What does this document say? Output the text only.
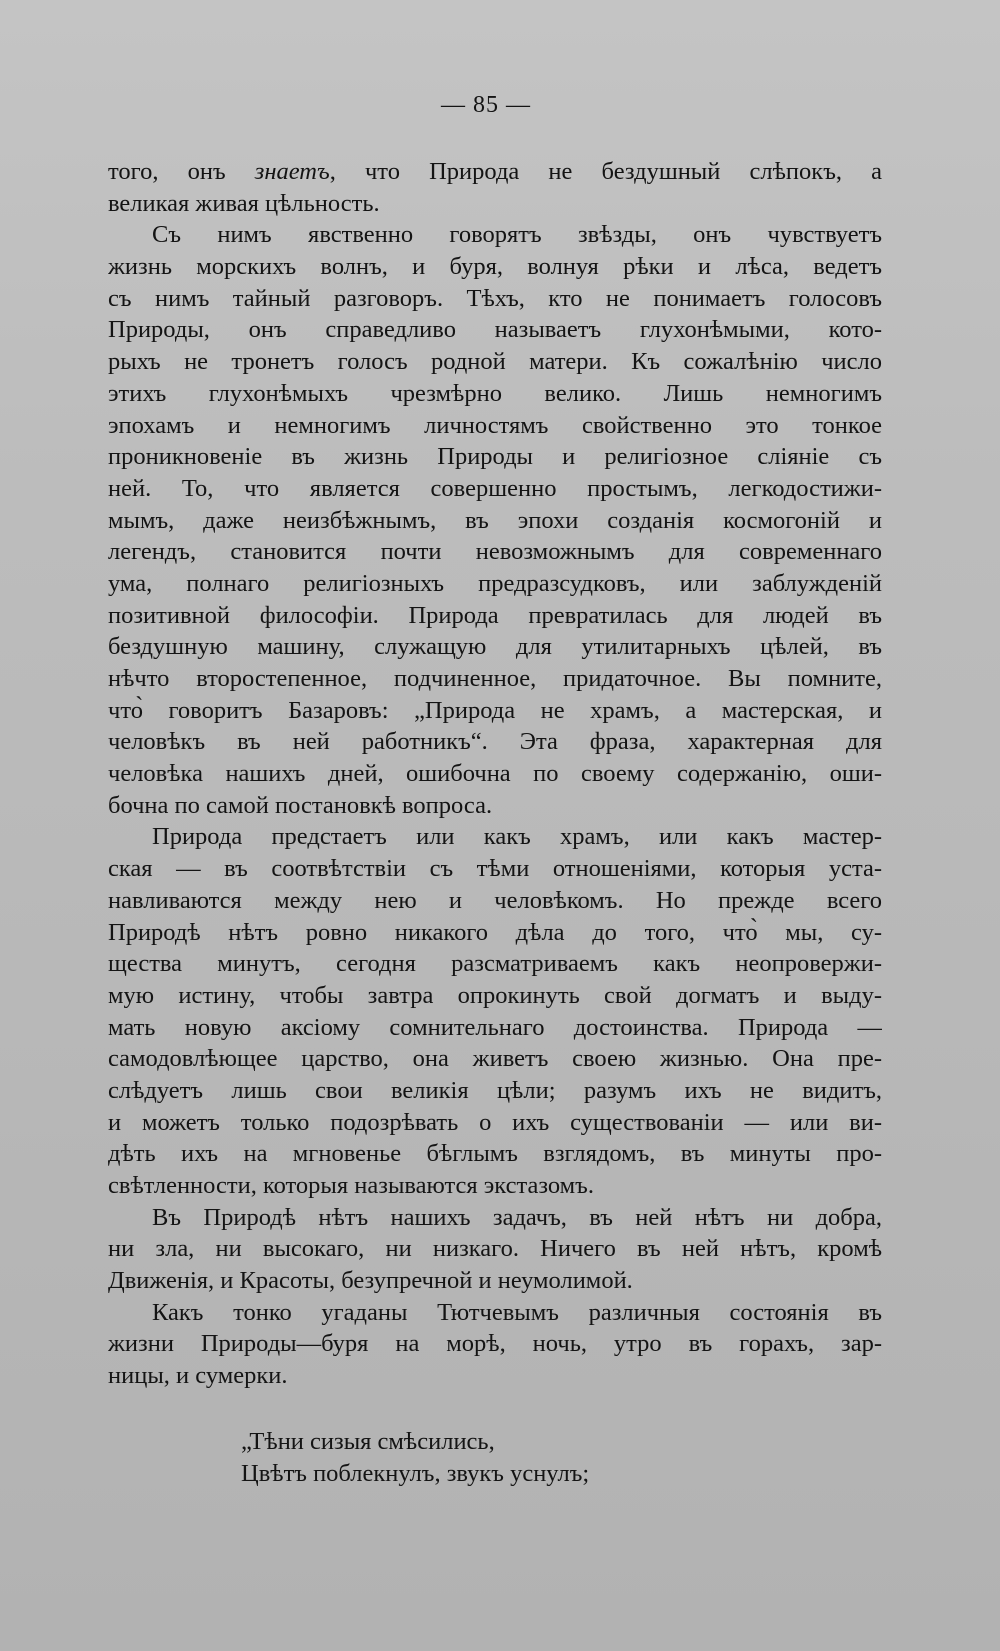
— 85 —
того, онъ знаетъ, что Природа не бездушный слѣпокъ, а
великая живая цѣльность.
Съ нимъ явственно говорятъ звѣзды, онъ чувствуетъ
жизнь морскихъ волнъ, и буря, волнуя рѣки и лѣса, ведетъ
съ нимъ тайный разговоръ. Тѣхъ, кто не понимаетъ голосовъ
Природы, онъ справедливо называетъ глухонѣмыми, кото-
рыхъ не тронетъ голосъ родной матери. Къ сожалѣнію число
этихъ глухонѣмыхъ чрезмѣрно велико. Лишь немногимъ
эпохамъ и немногимъ личностямъ свойственно это тонкое
проникновеніе въ жизнь Природы и религіозное сліяніе съ
ней. То, что является совершенно простымъ, легкодостижи-
мымъ, даже неизбѣжнымъ, въ эпохи созданія космогоній и
легендъ, становится почти невозможнымъ для современнаго
ума, полнаго религіозныхъ предразсудковъ, или заблужденій
позитивной философіи. Природа превратилась для людей въ
бездушную машину, служащую для утилитарныхъ цѣлей, въ
нѣчто второстепенное, подчиненное, придаточное. Вы помните,
что̀ говоритъ Базаровъ: „Природа не храмъ, а мастерская, и
человѣкъ въ ней работникъ“. Эта фраза, характерная для
человѣка нашихъ дней, ошибочна по своему содержанію, оши-
бочна по самой постановкѣ вопроса.
Природа предстаетъ или какъ храмъ, или какъ мастер-
ская — въ соотвѣтствіи съ тѣми отношеніями, которыя уста-
навливаются между нею и человѣкомъ. Но прежде всего
Природѣ нѣтъ ровно никакого дѣла до того, что̀ мы, су-
щества минутъ, сегодня разсматриваемъ какъ неопровержи-
мую истину, чтобы завтра опрокинуть свой догматъ и выду-
мать новую аксіому сомнительнаго достоинства. Природа —
самодовлѣющее царство, она живетъ своею жизнью. Она пре-
слѣдуетъ лишь свои великія цѣли; разумъ ихъ не видитъ,
и можетъ только подозрѣвать о ихъ существованіи — или ви-
дѣть ихъ на мгновенье бѣглымъ взглядомъ, въ минуты про-
свѣтленности, которыя называются экстазомъ.
Въ Природѣ нѣтъ нашихъ задачъ, въ ней нѣтъ ни добра,
ни зла, ни высокаго, ни низкаго. Ничего въ ней нѣтъ, кромѣ
Движенія, и Красоты, безупречной и неумолимой.
Какъ тонко угаданы Тютчевымъ различныя состоянія въ
жизни Природы—буря на морѣ, ночь, утро въ горахъ, зар-
ницы, и сумерки.
„Тѣни сизыя смѣсились,
Цвѣтъ поблекнулъ, звукъ уснулъ;
